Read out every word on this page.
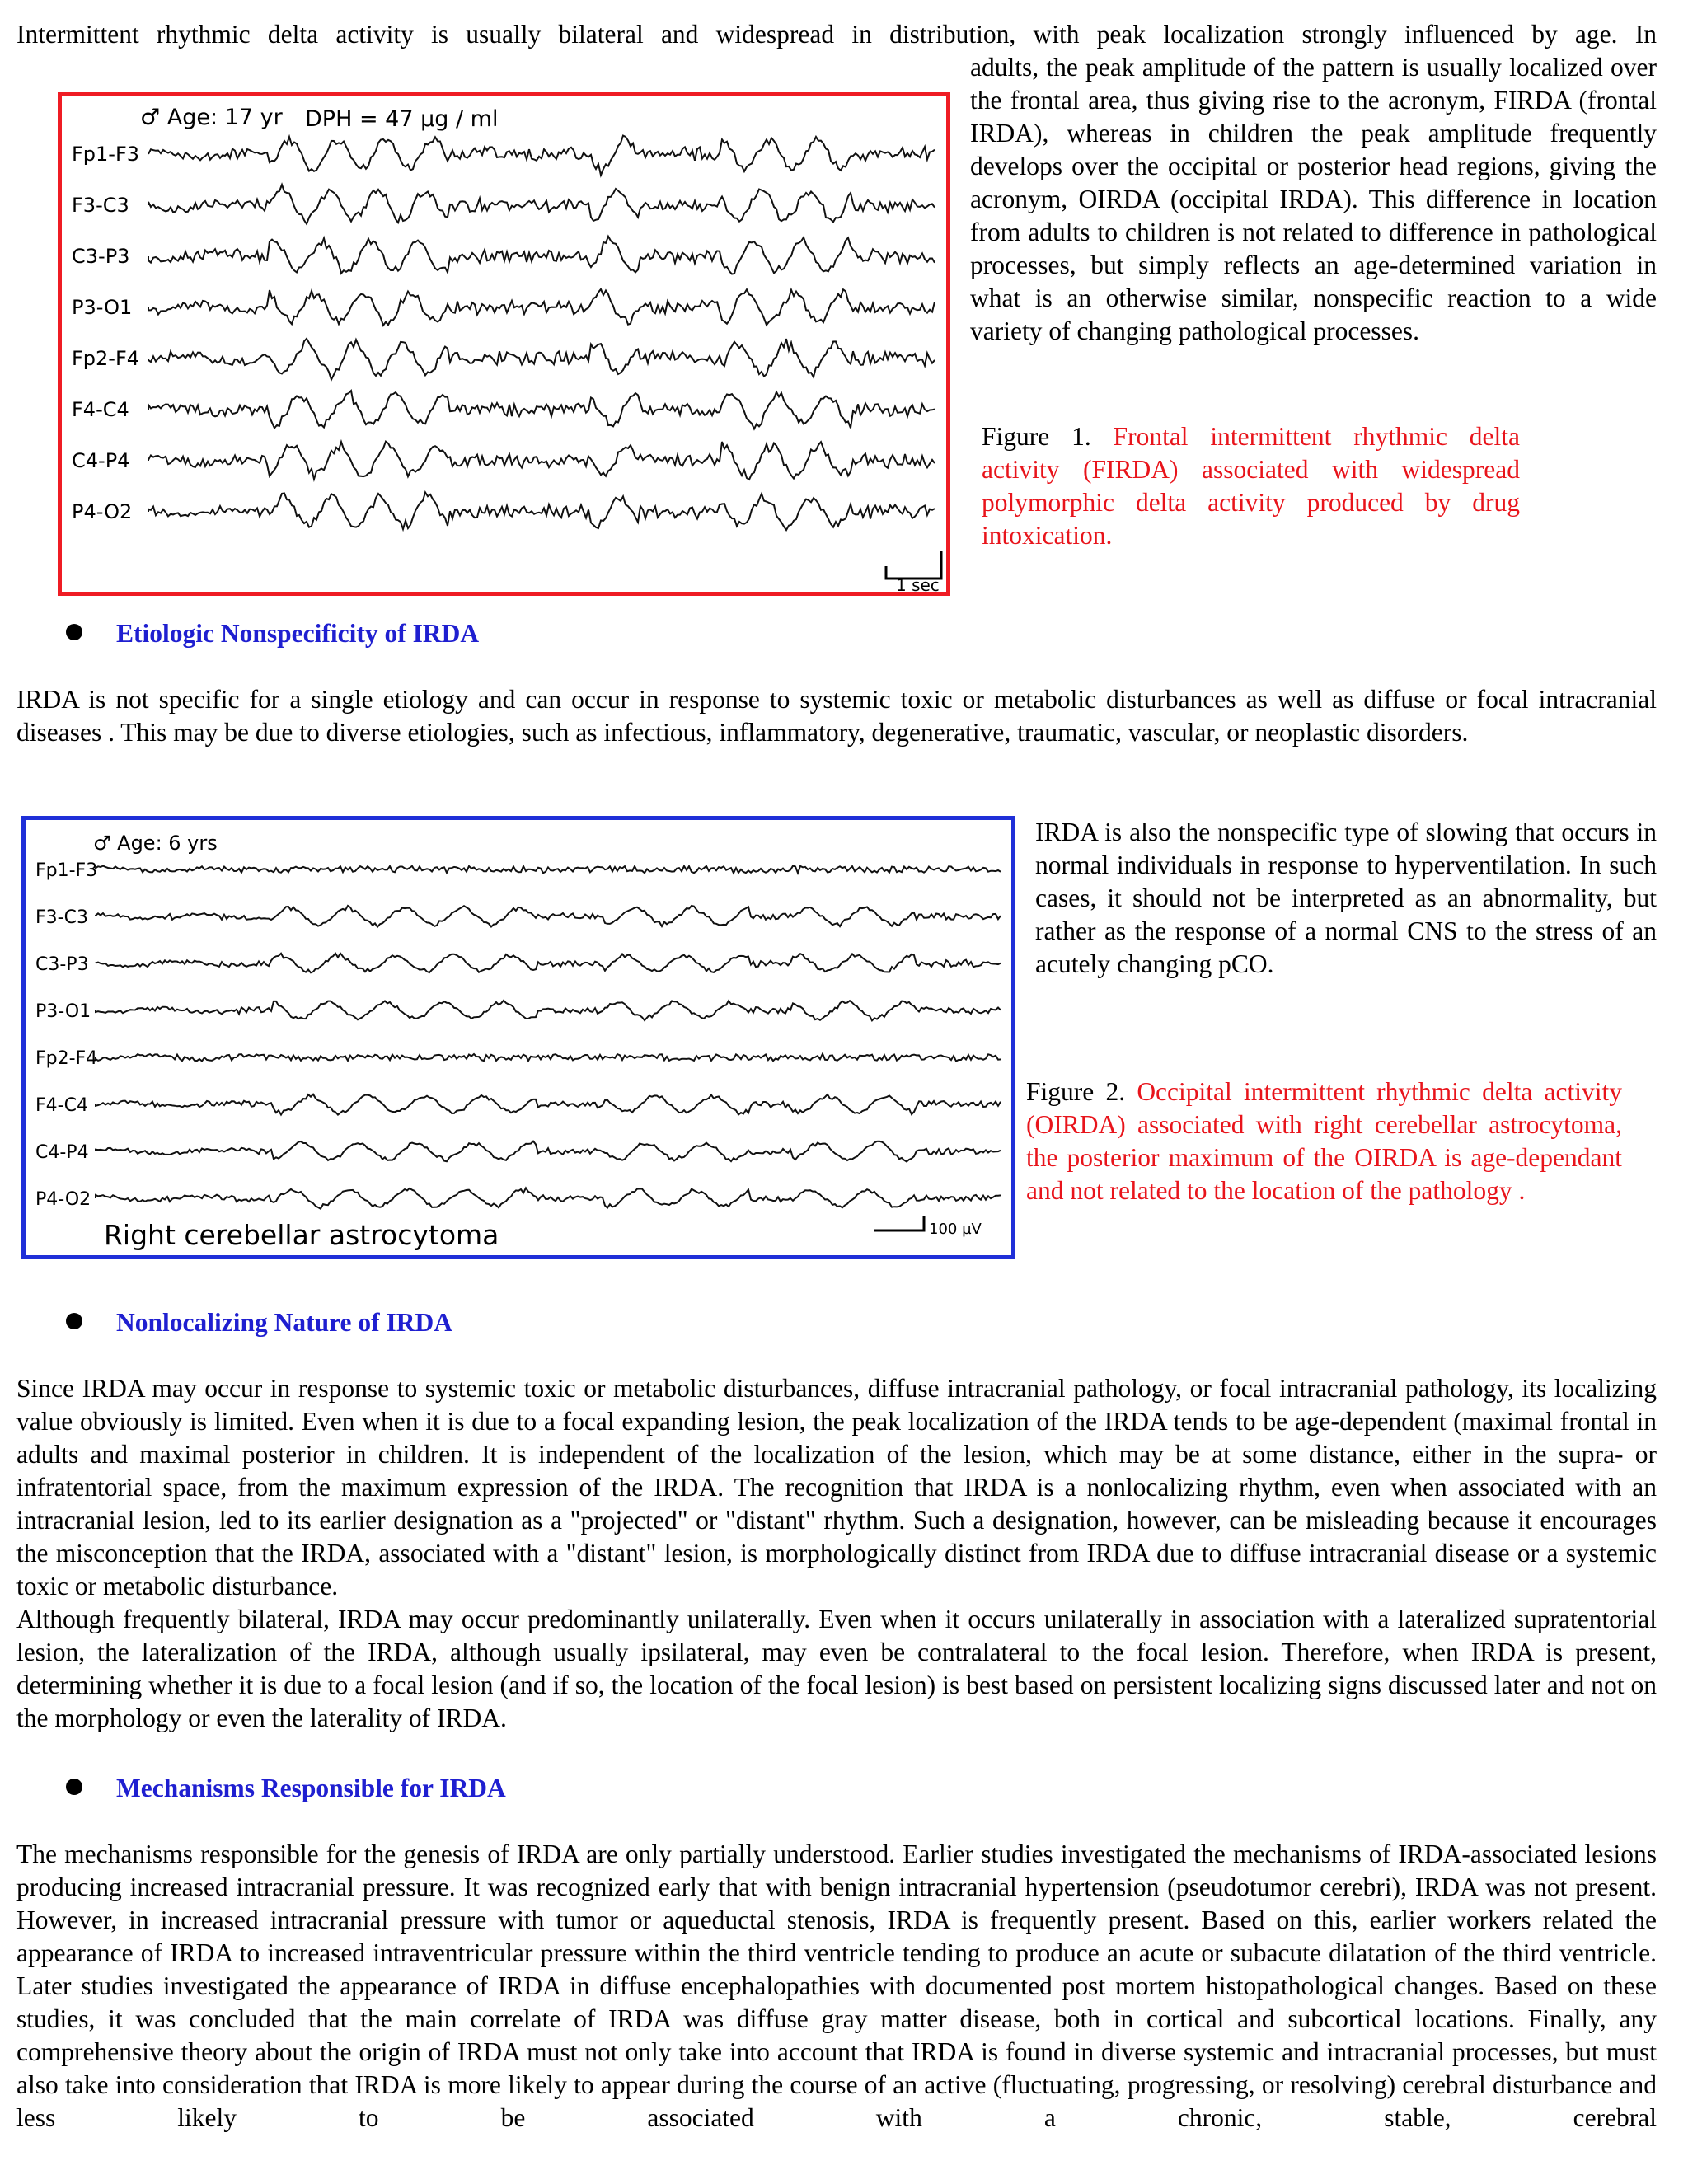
Intermittent rhythmic delta activity is usually bilateral and widespread in distribution, with peak localization strongly influenced by age. In
adults, the peak amplitude of the pattern is usually localized over the frontal area, thus giving rise to the acronym, FIRDA (frontal IRDA), whereas in children the peak amplitude frequently develops over the occipital or posterior head regions, giving the acronym, OIRDA (occipital IRDA). This difference in location from adults to children is not related to difference in pathological processes, but simply reflects an age-determined variation in what is an otherwise similar, nonspecific reaction to a wide variety of changing pathological processes.
♂ Age: 17 yr DPH = 47 µg / ml
Fp1-F3
F3-C3
C3-P3
P3-O1
Fp2-F4
F4-C4
C4-P4
P4-O2
1 sec
Figure 1. Frontal intermittent rhythmic delta activity (FIRDA) associated with widespread polymorphic delta activity produced by drug intoxication.
Etiologic Nonspecificity of IRDA
IRDA is not specific for a single etiology and can occur in response to systemic toxic or metabolic disturbances as well as diffuse or focal intracranial diseases . This may be due to diverse etiologies, such as infectious, inflammatory, degenerative, traumatic, vascular, or neoplastic disorders.
♂ Age: 6 yrs
Fp1-F3
F3-C3
C3-P3
P3-O1
Fp2-F4
F4-C4
C4-P4
P4-O2
Right cerebellar astrocytoma	100 µV
IRDA is also the nonspecific type of slowing that occurs in normal individuals in response to hyperventilation. In such cases, it should not be interpreted as an abnormality, but rather as the response of a normal CNS to the stress of an acutely changing pCO.
Figure 2. Occipital intermittent rhythmic delta activity (OIRDA) associated with right cerebellar astrocytoma, the posterior maximum of the OIRDA is age-dependant and not related to the location of the pathology .
Nonlocalizing Nature of IRDA
Since IRDA may occur in response to systemic toxic or metabolic disturbances, diffuse intracranial pathology, or focal intracranial pathology, its localizing value obviously is limited. Even when it is due to a focal expanding lesion, the peak localization of the IRDA tends to be age-dependent (maximal frontal in adults and maximal posterior in children. It is independent of the localization of the lesion, which may be at some distance, either in the supra- or infratentorial space, from the maximum expression of the IRDA. The recognition that IRDA is a nonlocalizing rhythm, even when associated with an intracranial lesion, led to its earlier designation as a "projected" or "distant" rhythm. Such a designation, however, can be misleading because it encourages the misconception that the IRDA, associated with a "distant" lesion, is morphologically distinct from IRDA due to diffuse intracranial disease or a systemic toxic or metabolic disturbance.
Although frequently bilateral, IRDA may occur predominantly unilaterally. Even when it occurs unilaterally in association with a lateralized supratentorial lesion, the lateralization of the IRDA, although usually ipsilateral, may even be contralateral to the focal lesion. Therefore, when IRDA is present, determining whether it is due to a focal lesion (and if so, the location of the focal lesion) is best based on persistent localizing signs discussed later and not on the morphology or even the laterality of IRDA.
Mechanisms Responsible for IRDA
The mechanisms responsible for the genesis of IRDA are only partially understood. Earlier studies investigated the mechanisms of IRDA-associated lesions producing increased intracranial pressure. It was recognized early that with benign intracranial hypertension (pseudotumor cerebri), IRDA was not present. However, in increased intracranial pressure with tumor or aqueductal stenosis, IRDA is frequently present. Based on this, earlier workers related the appearance of IRDA to increased intraventricular pressure within the third ventricle tending to produce an acute or subacute dilatation of the third ventricle. Later studies investigated the appearance of IRDA in diffuse encephalopathies with documented post mortem histopathological changes. Based on these studies, it was concluded that the main correlate of IRDA was diffuse gray matter disease, both in cortical and subcortical locations. Finally, any comprehensive theory about the origin of IRDA must not only take into account that IRDA is found in diverse systemic and intracranial processes, but must also take into consideration that IRDA is more likely to appear during the course of an active (fluctuating, progressing, or resolving) cerebral disturbance and less likely to be associated with a chronic, stable, cerebral
